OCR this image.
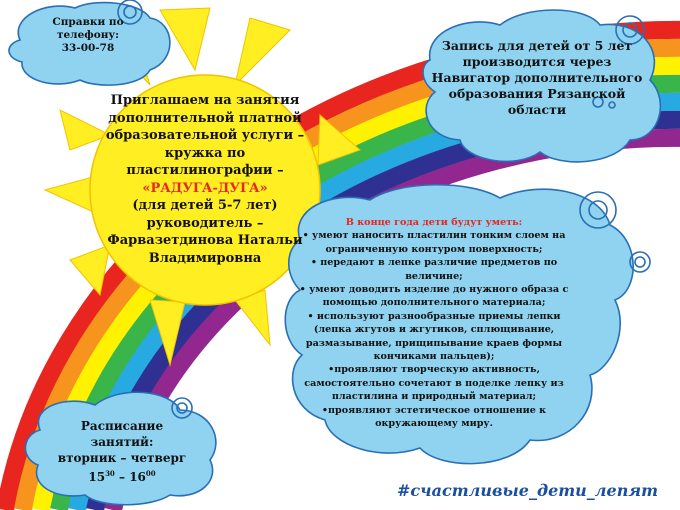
Справки по телефону:
33-00-78	Запись для детей от 5 лет производится через Навигатор дополнительного образования Рязанской области
Приглашаем на занятия дополнительной платной образовательной услуги – кружка по пластилинографии –
«РАДУГА-ДУГА»
(для детей 5-7 лет)
руководитель –
Фарвазетдинова Натальи Владимировна
В конце года дети будут уметь:
• умеют наносить пластилин тонким слоем на ограниченную контуром поверхность;
• передают в лепке различие предметов по величине;
• умеют доводить изделие до нужного образа с помощью дополнительного материала;
• используют разнообразные приемы лепки (лепка жгутов и жгутиков, сплющивание, размазывание, прищипывание краев формы кончиками пальцев);
•проявляют творческую активность, самостоятельно сочетают в поделке лепку из пластилина и природный материал;
•проявляют эстетическое отношение к окружающему миру.
Расписание занятий:
вторник – четверг
$15^{30} - 16^{00}$
#счастливые_дети_лепят
